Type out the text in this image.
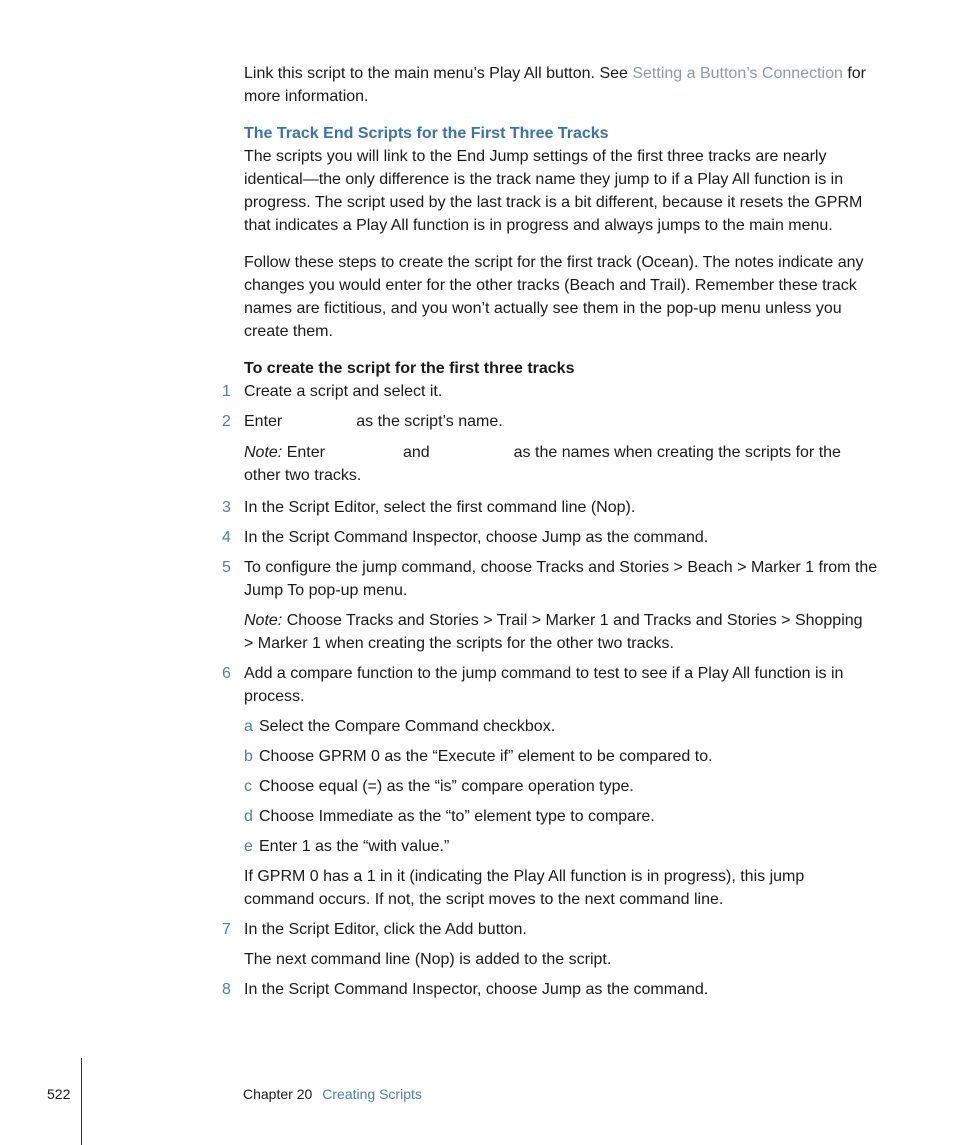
Link this script to the main menu’s Play All button. See Setting a Button’s Connection for more information.

The Track End Scripts for the First Three Tracks

The scripts you will link to the End Jump settings of the first three tracks are nearly identical—the only difference is the track name they jump to if a Play All function is in progress. The script used by the last track is a bit different, because it resets the GPRM that indicates a Play All function is in progress and always jumps to the main menu.

Follow these steps to create the script for the first track (Ocean). The notes indicate any changes you would enter for the other tracks (Beach and Trail). Remember these track names are fictitious, and you won’t actually see them in the pop-up menu unless you create them.

To create the script for the first three tracks
1 Create a script and select it.
2 Enter	as the script’s name.
Note: Enter	and	as the names when creating the scripts for the other two tracks.
3 In the Script Editor, select the first command line (Nop).
4 In the Script Command Inspector, choose Jump as the command.
5 To configure the jump command, choose Tracks and Stories > Beach > Marker 1 from the Jump To pop-up menu.
Note: Choose Tracks and Stories > Trail > Marker 1 and Tracks and Stories > Shopping > Marker 1 when creating the scripts for the other two tracks.
6 Add a compare function to the jump command to test to see if a Play All function is in process.
a Select the Compare Command checkbox.
b Choose GPRM 0 as the “Execute if” element to be compared to.
c Choose equal (=) as the “is” compare operation type.
d Choose Immediate as the “to” element type to compare.
e Enter 1 as the “with value.”

If GPRM 0 has a 1 in it (indicating the Play All function is in progress), this jump command occurs. If not, the script moves to the next command line.

7 In the Script Editor, click the Add button.

The next command line (Nop) is added to the script.

8 In the Script Command Inspector, choose Jump as the command.
522	Chapter 20 Creating Scripts
